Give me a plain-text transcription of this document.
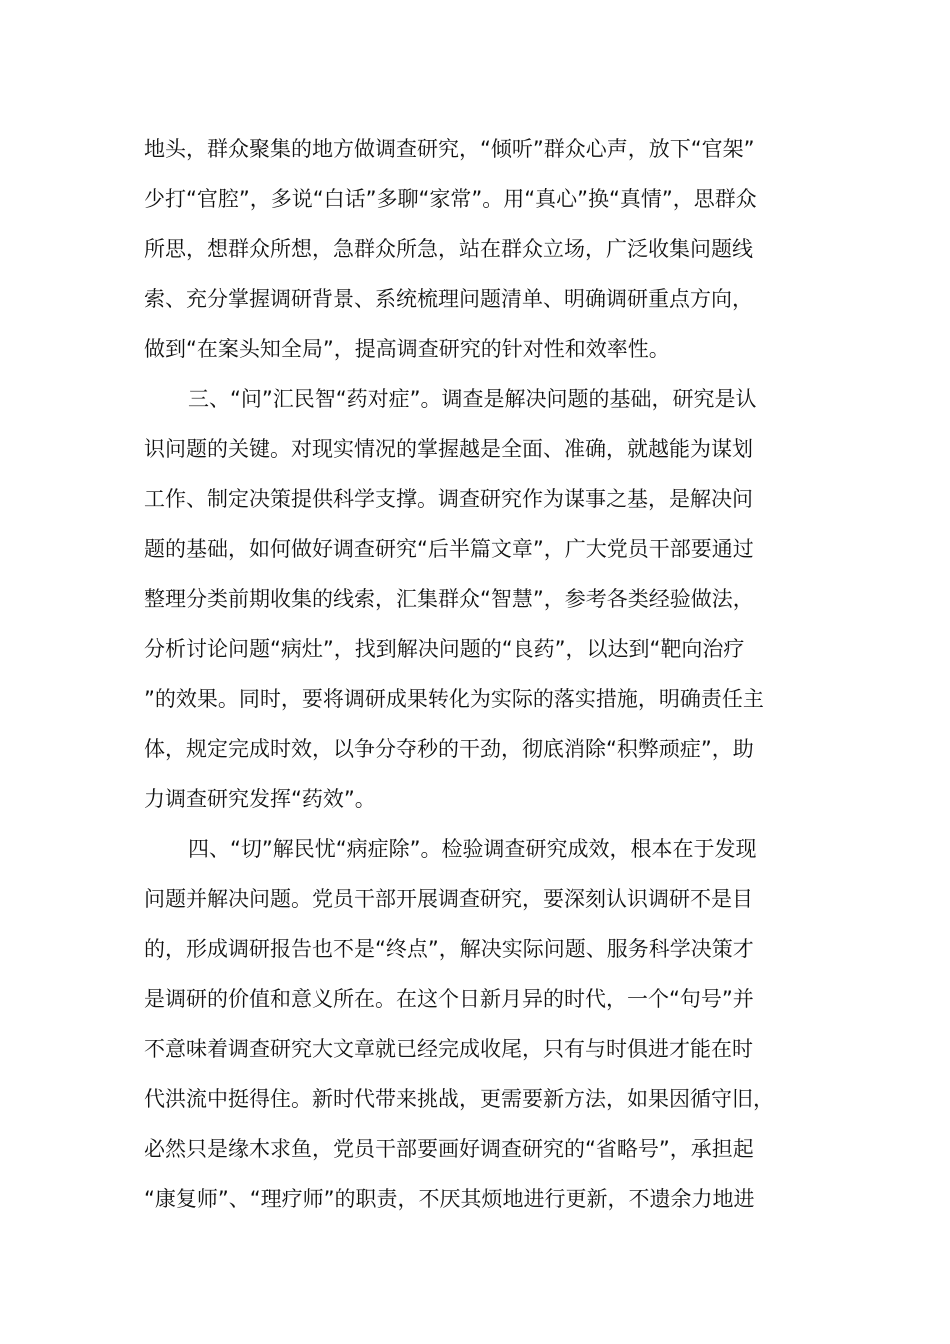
地头，群众聚集的地方做调查研究，“倾听”群众心声，放下“官架”
少打“官腔”，多说“白话”多聊“家常”。用“真心”换“真情”，思群众
所思，想群众所想，急群众所急，站在群众立场，广泛收集问题线
索、充分掌握调研背景、系统梳理问题清单、明确调研重点方向，
做到“在案头知全局”，提高调查研究的针对性和效率性。
三、“问”汇民智“药对症”。调查是解决问题的基础，研究是认
识问题的关键。对现实情况的掌握越是全面、准确，就越能为谋划
工作、制定决策提供科学支撑。调查研究作为谋事之基，是解决问
题的基础，如何做好调查研究“后半篇文章”，广大党员干部要通过
整理分类前期收集的线索，汇集群众“智慧”，参考各类经验做法，
分析讨论问题“病灶”，找到解决问题的“良药”，以达到“靶向治疗
”的效果。同时，要将调研成果转化为实际的落实措施，明确责任主
体，规定完成时效，以争分夺秒的干劲，彻底消除“积弊顽症”，助
力调查研究发挥“药效”。
四、“切”解民忧“病症除”。检验调查研究成效，根本在于发现
问题并解决问题。党员干部开展调查研究，要深刻认识调研不是目
的，形成调研报告也不是“终点”，解决实际问题、服务科学决策才
是调研的价值和意义所在。在这个日新月异的时代，一个“句号”并
不意味着调查研究大文章就已经完成收尾，只有与时俱进才能在时
代洪流中挺得住。新时代带来挑战，更需要新方法，如果因循守旧，
必然只是缘木求鱼，党员干部要画好调查研究的“省略号”，承担起
“康复师”、“理疗师”的职责，不厌其烦地进行更新，不遗余力地进
